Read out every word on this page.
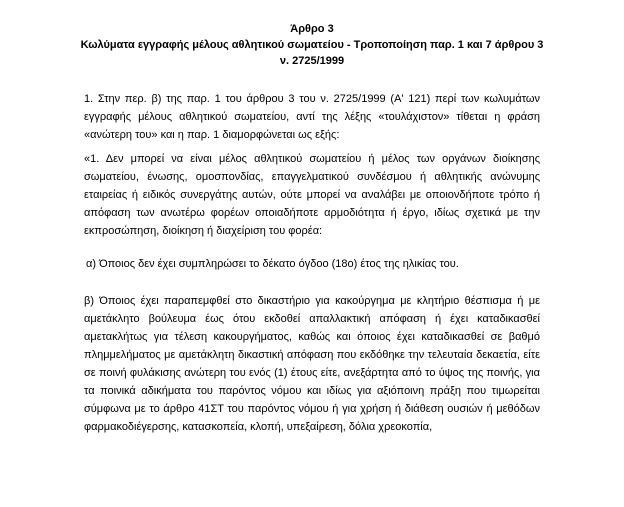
Άρθρο 3
Κωλύματα εγγραφής μέλους αθλητικού σωματείου - Τροποποίηση παρ. 1 και 7 άρθρου 3
ν. 2725/1999
1. Στην περ. β) της παρ. 1 του άρθρου 3 του ν. 2725/1999 (Α' 121) περί των κωλυμάτων εγγραφής μέλους αθλητικού σωματείου, αντί της λέξης «τουλάχιστον» τίθεται η φράση «ανώτερη του» και η παρ. 1 διαμορφώνεται ως εξής:
«1. Δεν μπορεί να είναι μέλος αθλητικού σωματείου ή μέλος των οργάνων διοίκησης σωματείου, ένωσης, ομοσπονδίας, επαγγελματικού συνδέσμου ή αθλητικής ανώνυμης εταιρείας ή ειδικός συνεργάτης αυτών, ούτε μπορεί να αναλάβει με οποιονδήποτε τρόπο ή απόφαση των ανωτέρω φορέων οποιαδήποτε αρμοδιότητα ή έργο, ιδίως σχετικά με την εκπροσώπηση, διοίκηση ή διαχείριση του φορέα:
α) Όποιος δεν έχει συμπληρώσει το δέκατο όγδοο (18ο) έτος της ηλικίας του.
β) Όποιος έχει παραπεμφθεί στο δικαστήριο για κακούργημα με κλητήριο θέσπισμα ή με αμετάκλητο βούλευμα έως ότου εκδοθεί απαλλακτική απόφαση ή έχει καταδικασθεί αμετακλήτως για τέλεση κακουργήματος, καθώς και όποιος έχει καταδικασθεί σε βαθμό πλημμελήματος με αμετάκλητη δικαστική απόφαση που εκδόθηκε την τελευταία δεκαετία, είτε σε ποινή φυλάκισης ανώτερη του ενός (1) έτους είτε, ανεξάρτητα από το ύψος της ποινής, για τα ποινικά αδικήματα του παρόντος νόμου και ιδίως για αξιόποινη πράξη που τιμωρείται σύμφωνα με το άρθρο 41ΣΤ του παρόντος νόμου ή για χρήση ή διάθεση ουσιών ή μεθόδων φαρμακοδιέγερσης, κατασκοπεία, κλοπή, υπεξαίρεση, δόλια χρεοκοπία,
